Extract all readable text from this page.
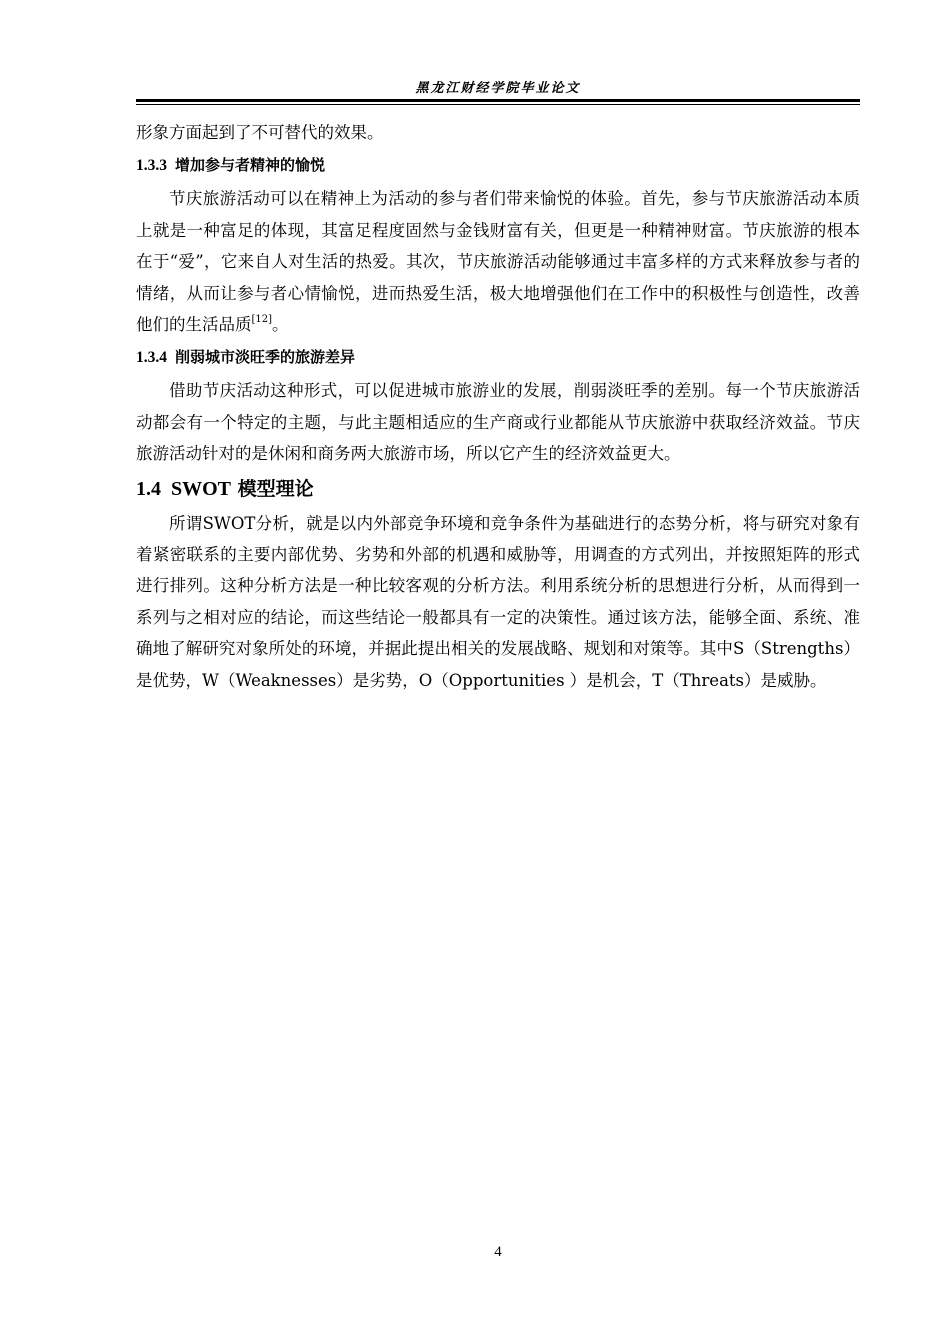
黑龙江财经学院毕业论文

形象方面起到了不可替代的效果。

1.3.3 增加参与者精神的愉悦

节庆旅游活动可以在精神上为活动的参与者们带来愉悦的体验。首先，参与节庆旅游活动本质上就是一种富足的体现，其富足程度固然与金钱财富有关，但更是一种精神财富。节庆旅游的根本在于“爱”，它来自人对生活的热爱。其次，节庆旅游活动能够通过丰富多样的方式来释放参与者的情绪，从而让参与者心情愉悦，进而热爱生活，极大地增强他们在工作中的积极性与创造性，改善他们的生活品质[12]。

1.3.4 削弱城市淡旺季的旅游差异

借助节庆活动这种形式，可以促进城市旅游业的发展，削弱淡旺季的差别。每一个节庆旅游活动都会有一个特定的主题，与此主题相适应的生产商或行业都能从节庆旅游中获取经济效益。节庆旅游活动针对的是休闲和商务两大旅游市场，所以它产生的经济效益更大。

1.4 SWOT 模型理论

所谓SWOT分析，就是以内外部竞争环境和竞争条件为基础进行的态势分析，将与研究对象有着紧密联系的主要内部优势、劣势和外部的机遇和威胁等，用调查的方式列出，并按照矩阵的形式进行排列。这种分析方法是一种比较客观的分析方法。利用系统分析的思想进行分析，从而得到一系列与之相对应的结论，而这些结论一般都具有一定的决策性。通过该方法，能够全面、系统、准确地了解研究对象所处的环境，并据此提出相关的发展战略、规划和对策等。其中S（Strengths）是优势，W（Weaknesses）是劣势，O（Opportunities ）是机会，T（Threats）是威胁。

4
